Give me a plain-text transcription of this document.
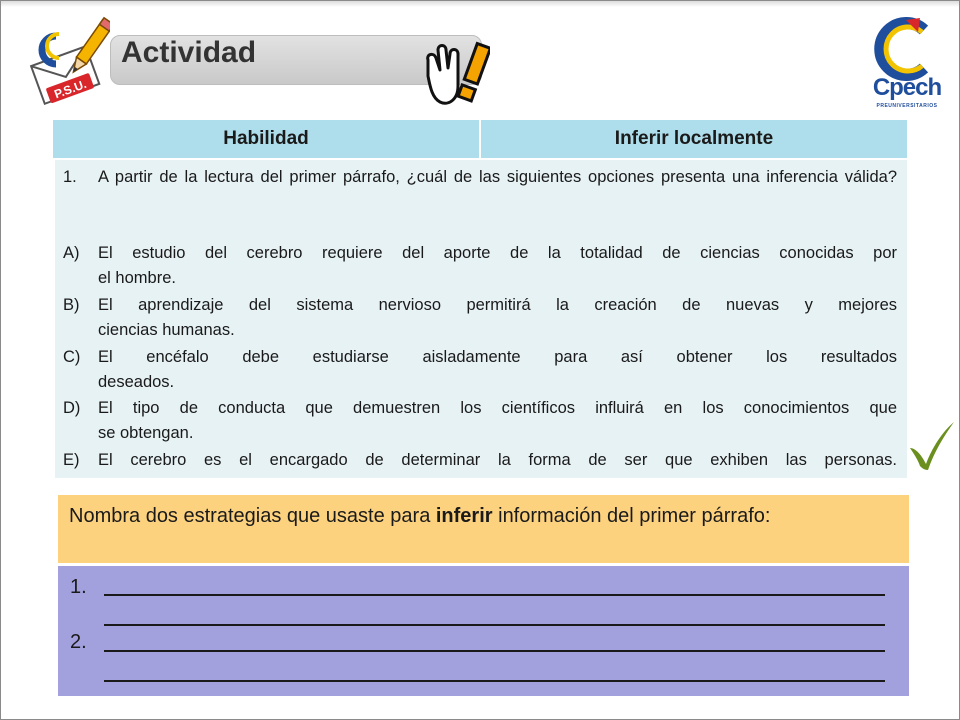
P.S.U.
Actividad
Cpech
PREUNIVERSITARIOS
Habilidad	Inferir localmente
1.	A partir de la lectura del primer párrafo, ¿cuál de las siguientes opciones presenta una inferencia válida?
A)	El estudio del cerebro requiere del aporte de la totalidad de ciencias conocidas por
el hombre.
B)	El aprendizaje del sistema nervioso permitirá la creación de nuevas y mejores
ciencias humanas.
C)	El encéfalo debe estudiarse aisladamente para así obtener los resultados
deseados.
D)	El tipo de conducta que demuestren los científicos influirá en los conocimientos que
se obtengan.
E)	El cerebro es el encargado de determinar la forma de ser que exhiben las personas.
Nombra dos estrategias que usaste para inferir información del primer párrafo:
1.
2.
